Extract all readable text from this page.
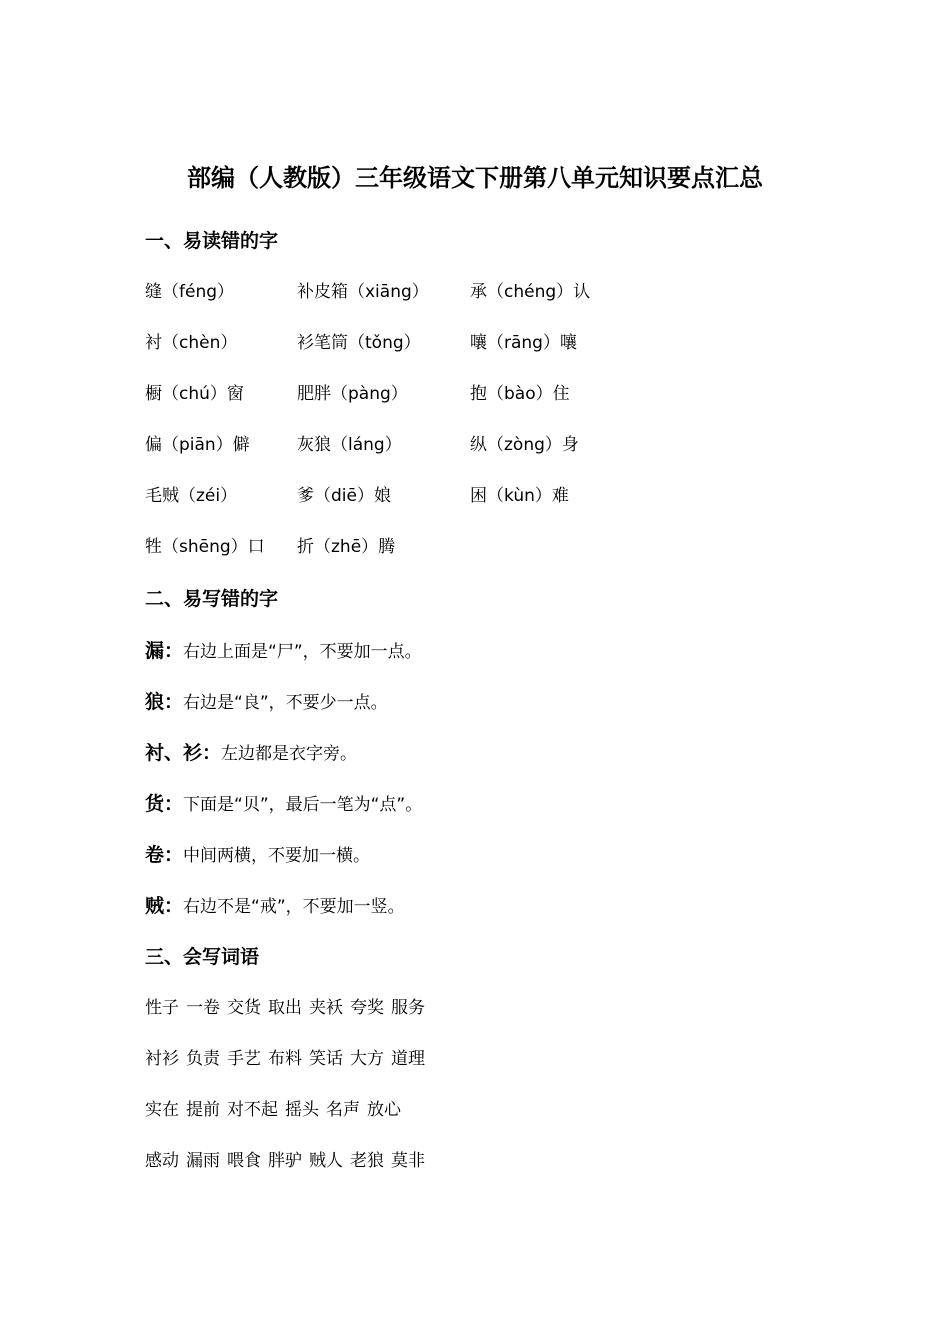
部编（人教版）三年级语文下册第八单元知识要点汇总
一、易读错的字
缝（féng）	补皮箱（xiāng） 承（chéng）认
衬（chèn）	衫笔筒（tǒng）	嚷（rāng）嚷
橱（chú）窗	肥胖（pàng）	抱（bào）住
偏（piān）僻	灰狼（láng）	纵（zòng）身
毛贼（zéi）	爹（diē）娘	困（kùn）难
牲（shēng）口 折（zhē）腾
二、易写错的字
漏：右边上面是“尸”，不要加一点。
狼：右边是“良”，不要少一点。
衬、衫：左边都是衣字旁。
货：下面是“贝”，最后一笔为“点”。
卷：中间两横，不要加一横。
贼：右边不是“戒”，不要加一竖。
三、会写词语
性子 一卷 交货 取出 夹袄 夸奖 服务
衬衫 负责 手艺 布料 笑话 大方 道理
实在 提前 对不起 摇头 名声 放心
感动 漏雨 喂食 胖驴 贼人 老狼 莫非
